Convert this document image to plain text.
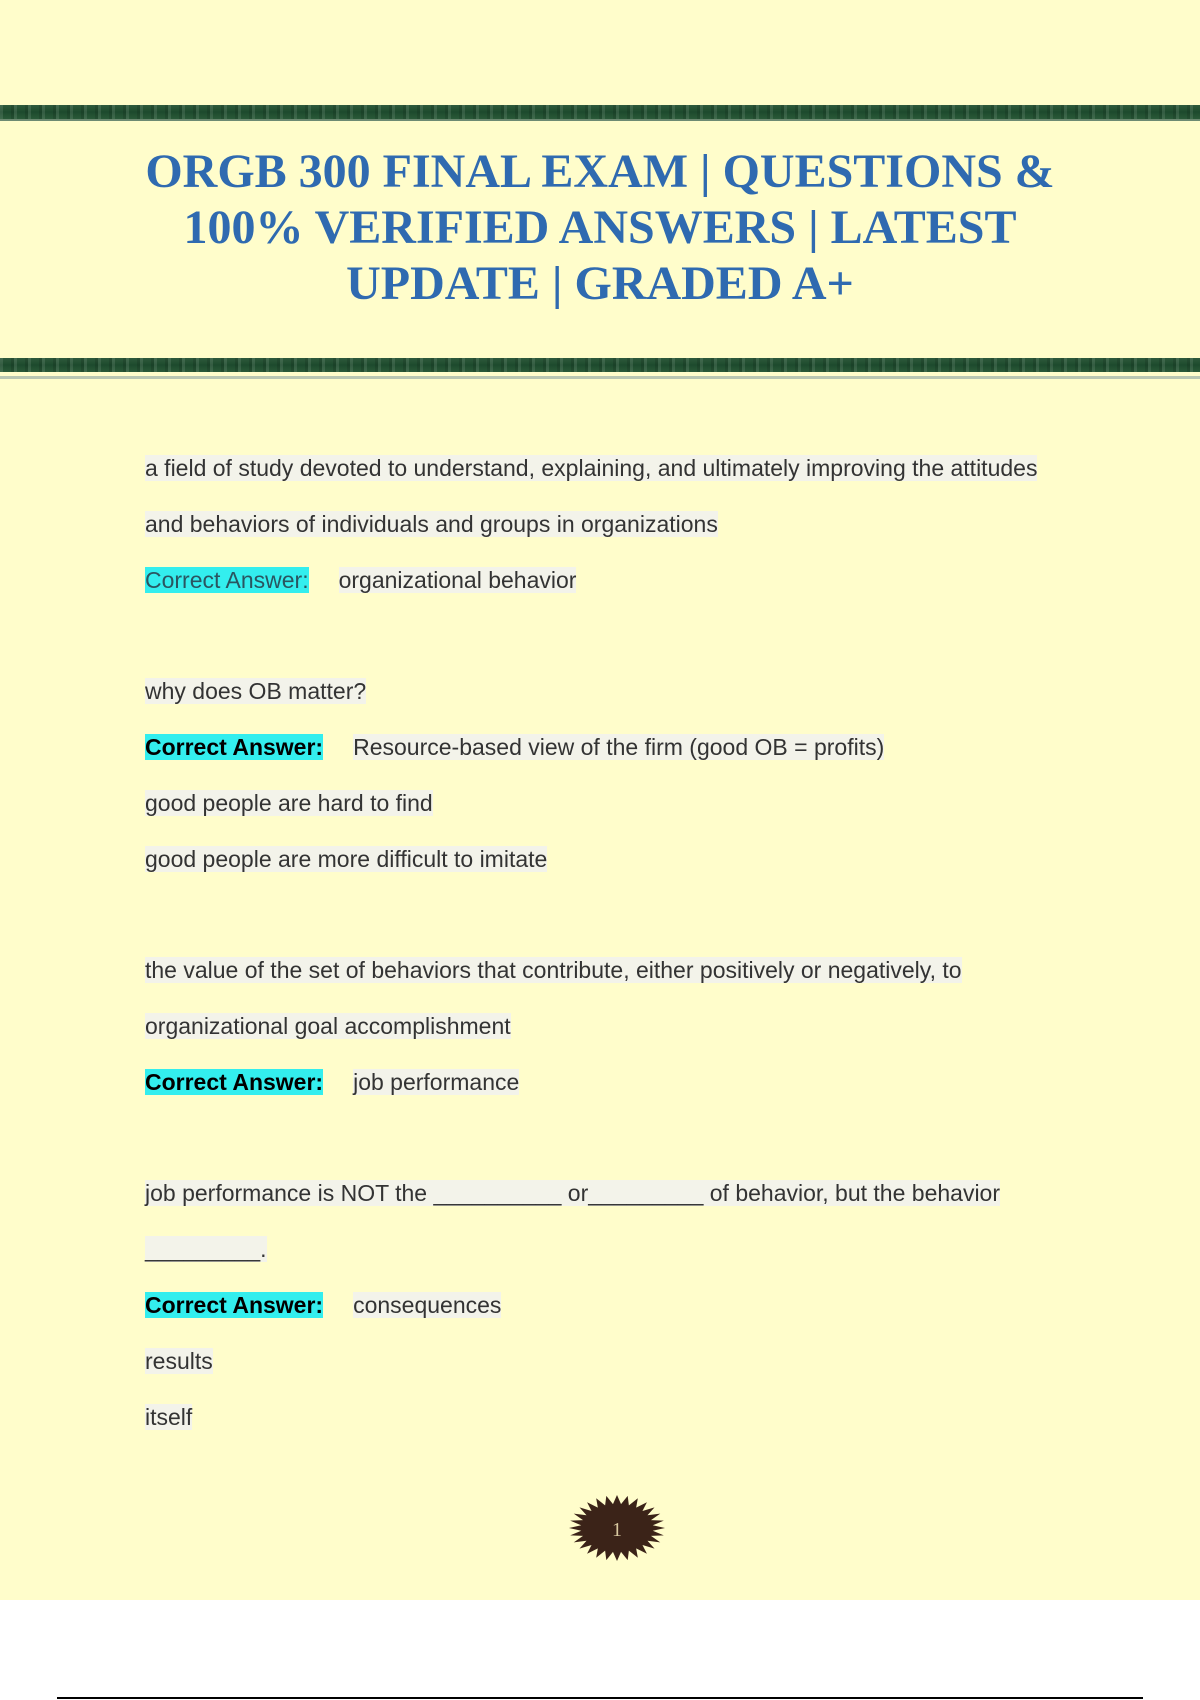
ORGB 300 FINAL EXAM | QUESTIONS & 100% VERIFIED ANSWERS | LATEST UPDATE | GRADED A+
a field of study devoted to understand, explaining, and ultimately improving the attitudes
and behaviors of individuals and groups in organizations
Correct Answer: organizational behavior
why does OB matter?
Correct Answer: Resource-based view of the firm (good OB = profits)
good people are hard to find
good people are more difficult to imitate
the value of the set of behaviors that contribute, either positively or negatively, to
organizational goal accomplishment
Correct Answer: job performance
job performance is NOT the __________ or_________ of behavior, but the behavior
_________.
Correct Answer: consequences
results
itself
1
